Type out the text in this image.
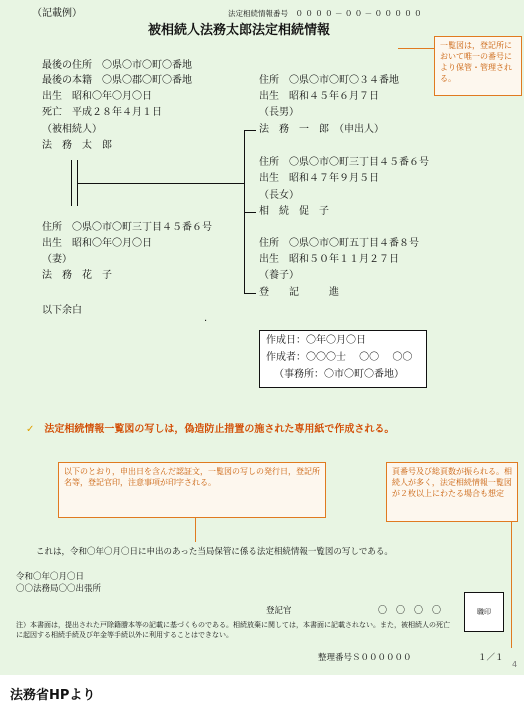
（記載例）	法定相続情報番号　０ ０ ０ ０ － ０ ０ － ０ ０ ０ ０ ０
被相続人法務太郎法定相続情報
一覧図は，登記所において唯一の番号により保管・管理される。
最後の住所　〇県〇市〇町〇番地
最後の本籍　〇県〇郡〇町〇番地
出生　昭和〇年〇月〇日
死亡　平成２８年４月１日
（被相続人）
法　務　太　郎
住所　〇県〇市〇町〇３４番地
出生　昭和４５年６月７日
（長男）
法　務　一　郎　（申出人）
住所　〇県〇市〇町三丁目４５番６号
出生　昭和４７年９月５日
（長女）
相　続　促　子
住所　〇県〇市〇町三丁目４５番６号
出生　昭和〇年〇月〇日
（妻）
法　務　花　子
住所　〇県〇市〇町五丁目４番８号
出生　昭和５０年１１月２７日
（養子）
登　　記　　　進
以下余白
·
作成日：〇年〇月〇日
作成者：〇〇〇士　 〇〇　 〇〇
（事務所：〇市〇町〇番地）
✓ 法定相続情報一覧図の写しは，偽造防止措置の施された専用紙で作成される。
以下のとおり，申出日を含んだ認証文，一覧図の写しの発行日，登記所名等，登記官印，注意事項が印字される。
頁番号及び総頁数が振られる。相続人が多く，法定相続情報一覧図が２枚以上にわたる場合も想定
これは，令和〇年〇月〇日に申出のあった当局保管に係る法定相続情報一覧図の写しである。
令和〇年〇月〇日
〇〇法務局〇〇出張所
登記官	〇　〇　〇　〇	職印
注）本書面は，提出された戸除籍謄本等の記載に基づくものである。相続放棄に関しては，本書面に記載されない。また，被相続人の死亡に起因する相続手続及び年金等手続以外に利用することはできない。
整理番号Ｓ００００００	１／１
4
法務省HPより
